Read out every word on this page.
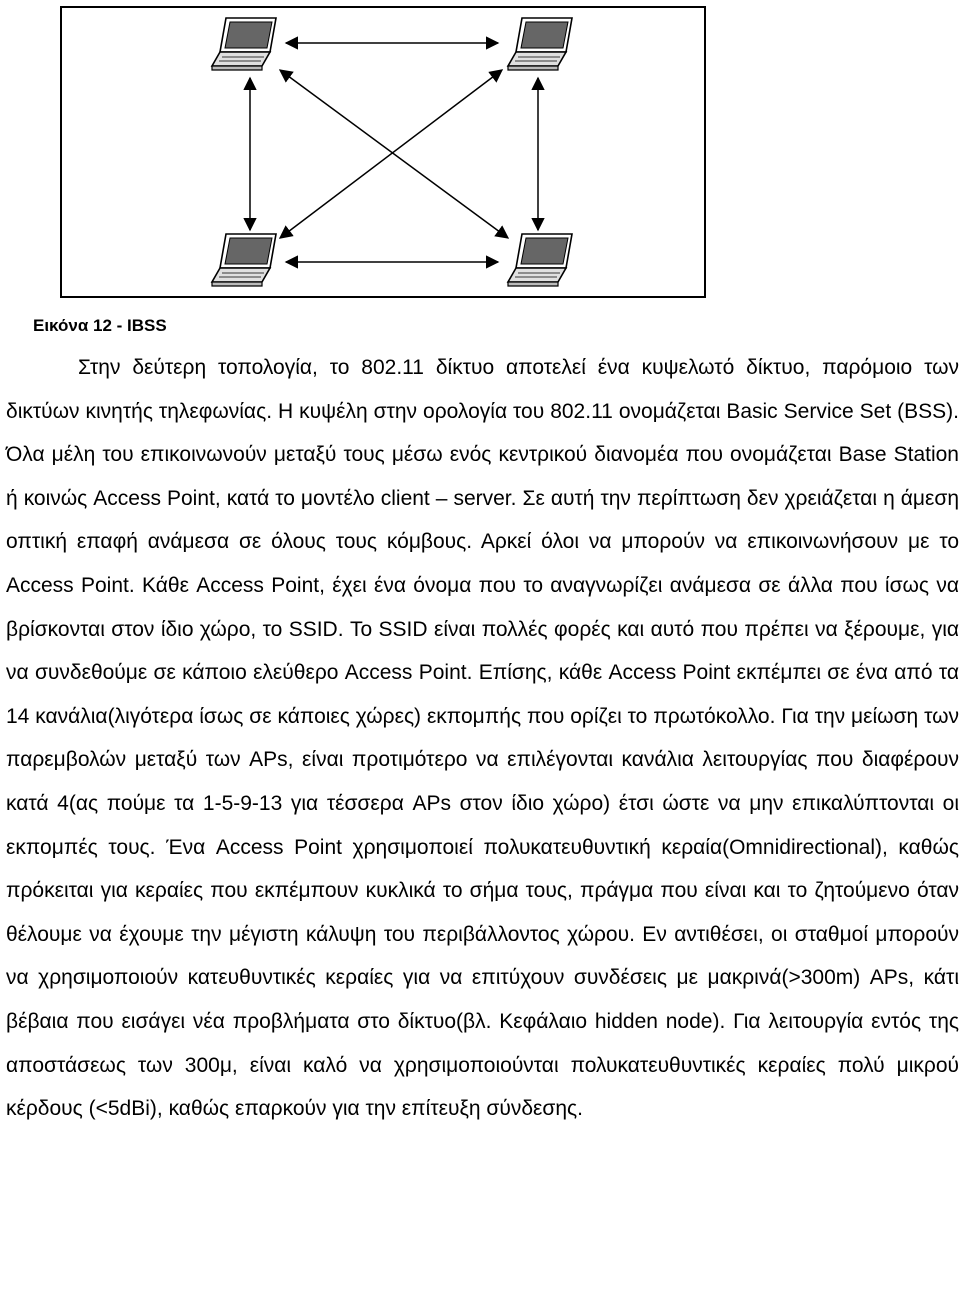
Εικόνα 12 - IBSS

Στην δεύτερη τοπολογία, το 802.11 δίκτυο αποτελεί ένα κυψελωτό δίκτυο, παρόμοιο των δικτύων κινητής τηλεφωνίας. Η κυψέλη στην ορολογία του 802.11 ονομάζεται Basic Service Set (BSS). Όλα μέλη του επικοινωνούν μεταξύ τους μέσω ενός κεντρικού διανομέα που ονομάζεται Base Station ή κοινώς Access Point, κατά το μοντέλο client – server. Σε αυτή την περίπτωση δεν χρειάζεται η άμεση οπτική επαφή ανάμεσα σε όλους τους κόμβους. Αρκεί όλοι να μπορούν να επικοινωνήσουν με το Access Point. Κάθε Access Point, έχει ένα όνομα που το αναγνωρίζει ανάμεσα σε άλλα που ίσως να βρίσκονται στον ίδιο χώρο, το SSID. Το SSID είναι πολλές φορές και αυτό που πρέπει να ξέρουμε, για να συνδεθούμε σε κάποιο ελεύθερο Access Point. Επίσης, κάθε Access Point εκπέμπει σε ένα από τα 14 κανάλια(λιγότερα ίσως σε κάποιες χώρες) εκπομπής που ορίζει το πρωτόκολλο. Για την μείωση των παρεμβολών μεταξύ των APs, είναι προτιμότερο να επιλέγονται κανάλια λειτουργίας που διαφέρουν κατά 4(ας πούμε τα 1-5-9-13 για τέσσερα APs στον ίδιο χώρο) έτσι ώστε να μην επικαλύπτονται οι εκπομπές τους. Ένα Access Point χρησιμοποιεί πολυκατευθυντική κεραία(Omnidirectional), καθώς πρόκειται για κεραίες που εκπέμπουν κυκλικά το σήμα τους, πράγμα που είναι και το ζητούμενο όταν θέλουμε να έχουμε την μέγιστη κάλυψη του περιβάλλοντος χώρου. Εν αντιθέσει, οι σταθμοί μπορούν να χρησιμοποιούν κατευθυντικές κεραίες για να επιτύχουν συνδέσεις με μακρινά(>300m) APs, κάτι βέβαια που εισάγει νέα προβλήματα στο δίκτυο(βλ. Κεφάλαιο hidden node). Για λειτουργία εντός της αποστάσεως των 300μ, είναι καλό να χρησιμοποιούνται πολυκατευθυντικές κεραίες πολύ μικρού κέρδους (<5dBi), καθώς επαρκούν για την επίτευξη σύνδεσης.
